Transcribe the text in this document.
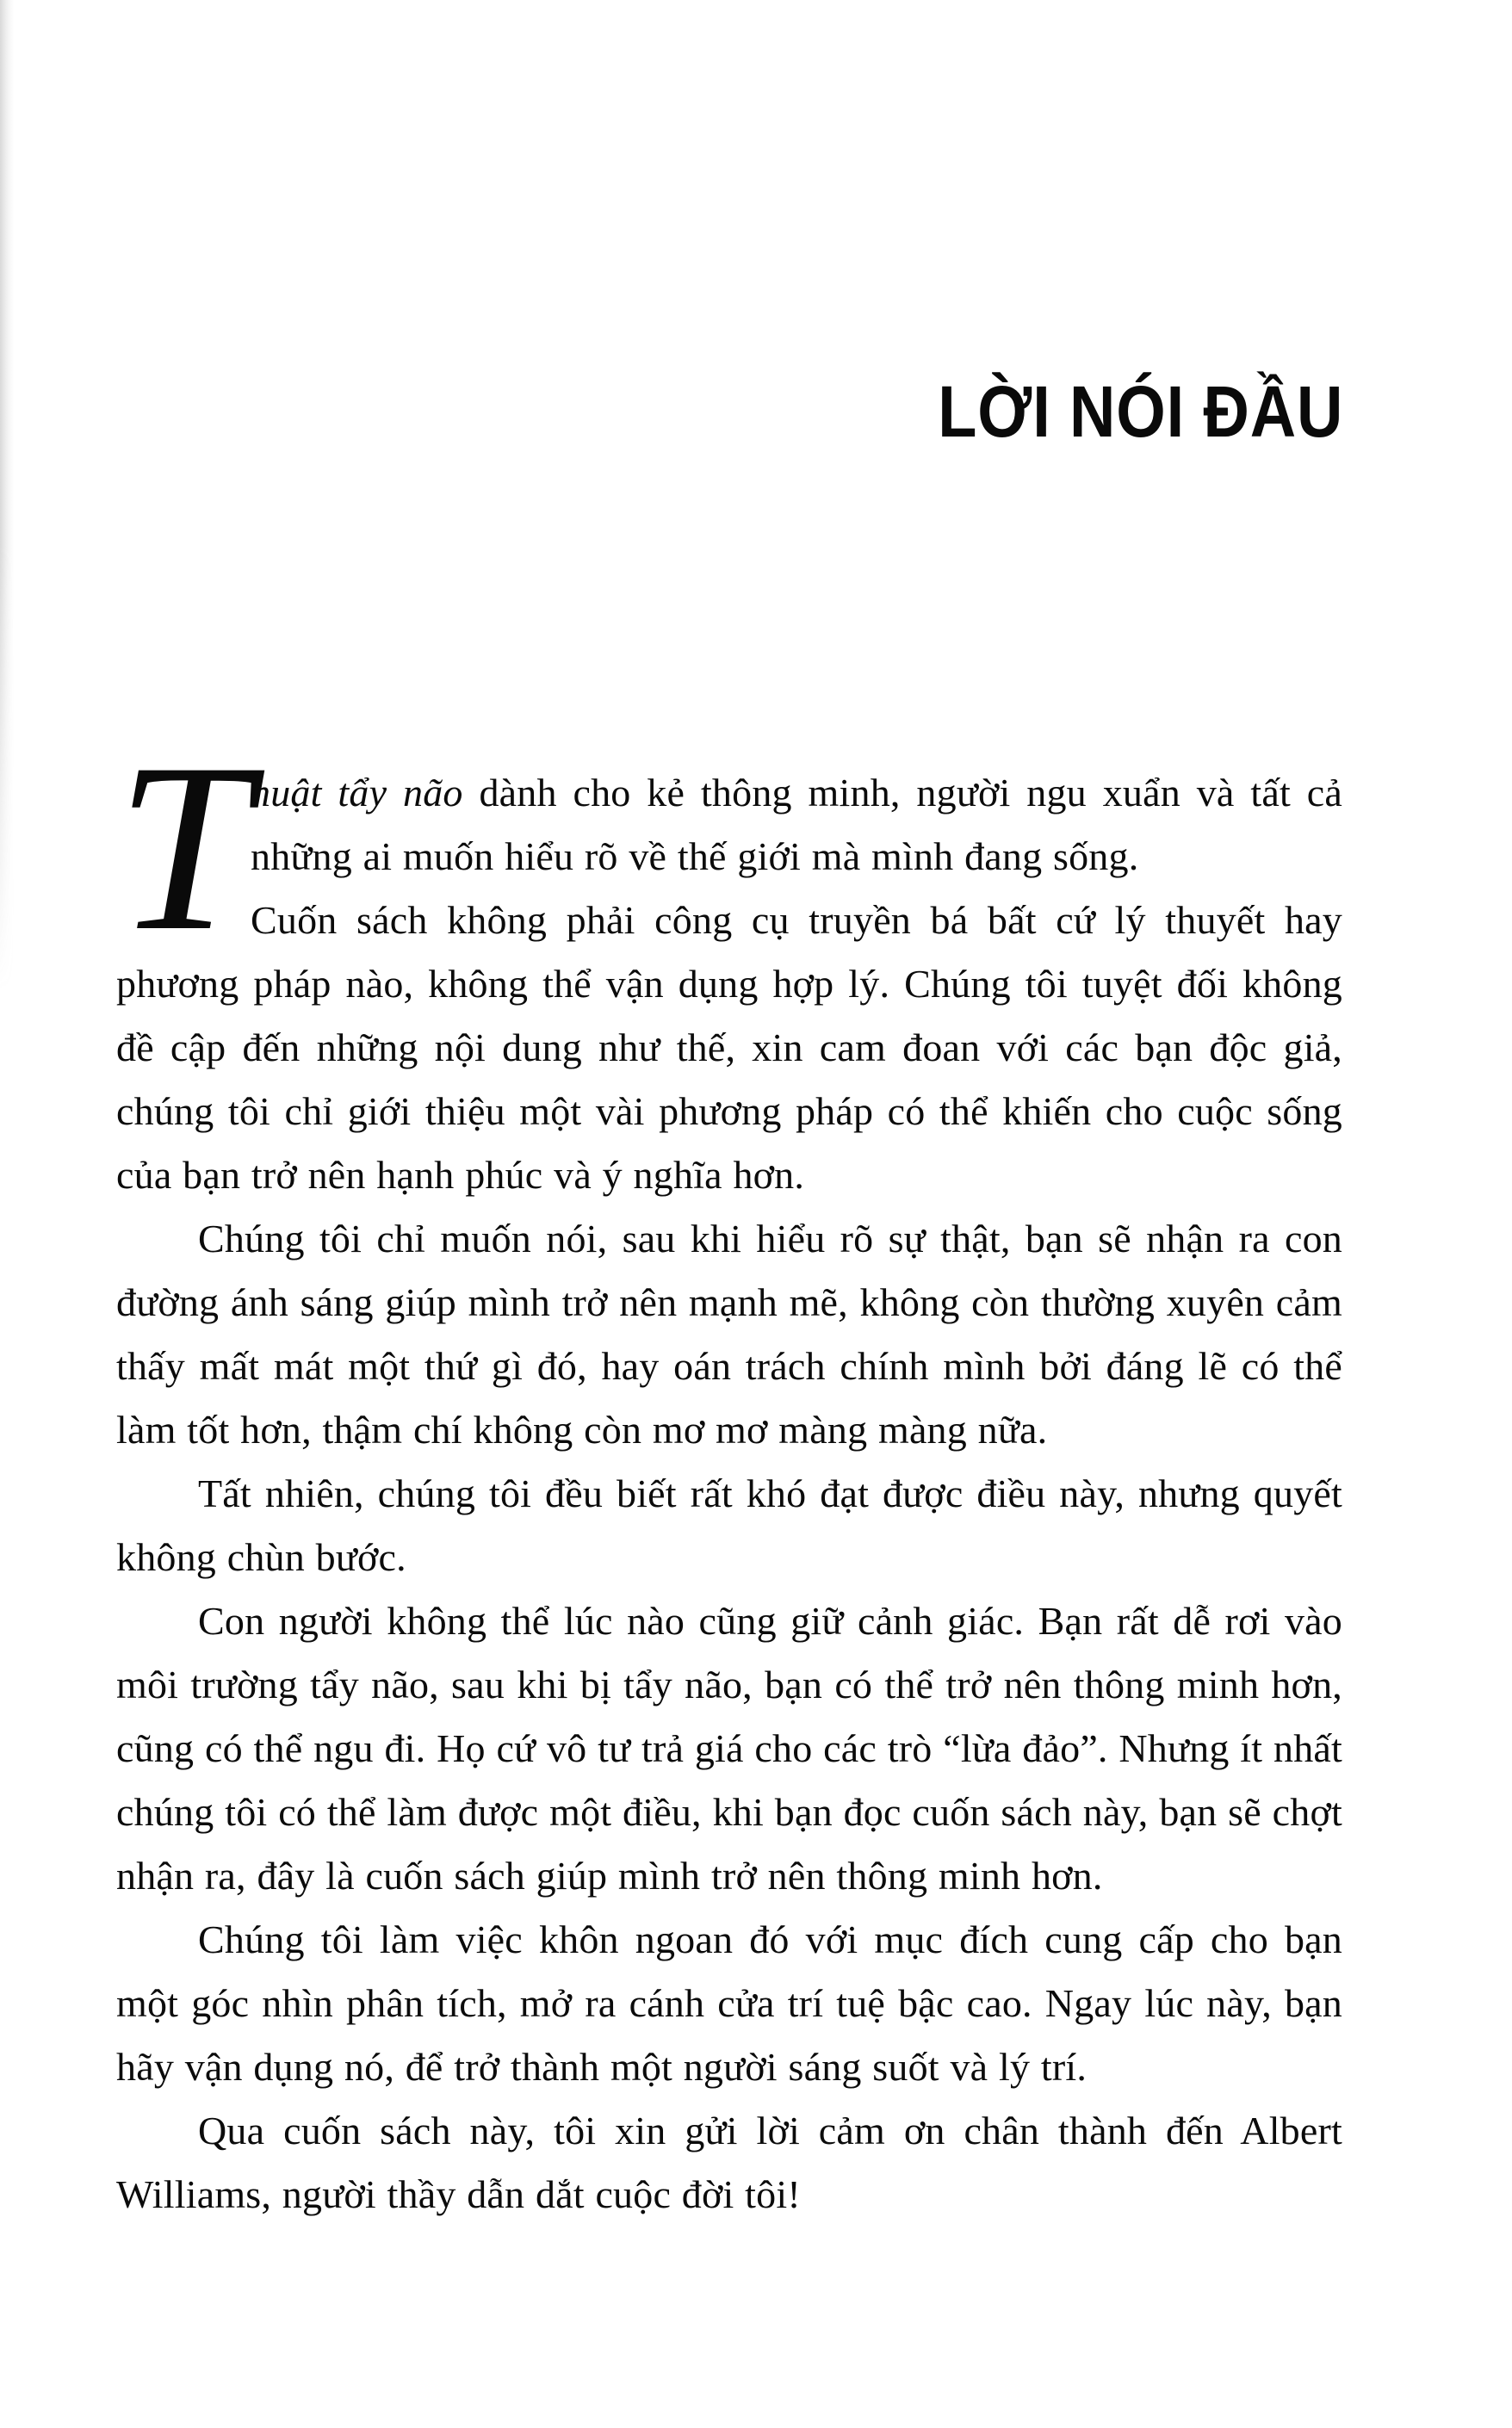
LỜI NÓI ĐẦU

Thuật tẩy não dành cho kẻ thông minh, người ngu xuẩn và tất cả những ai muốn hiểu rõ về thế giới mà mình đang sống.

Cuốn sách không phải công cụ truyền bá bất cứ lý thuyết hay phương pháp nào, không thể vận dụng hợp lý. Chúng tôi tuyệt đối không đề cập đến những nội dung như thế, xin cam đoan với các bạn độc giả, chúng tôi chỉ giới thiệu một vài phương pháp có thể khiến cho cuộc sống của bạn trở nên hạnh phúc và ý nghĩa hơn.

Chúng tôi chỉ muốn nói, sau khi hiểu rõ sự thật, bạn sẽ nhận ra con đường ánh sáng giúp mình trở nên mạnh mẽ, không còn thường xuyên cảm thấy mất mát một thứ gì đó, hay oán trách chính mình bởi đáng lẽ có thể làm tốt hơn, thậm chí không còn mơ mơ màng màng nữa.

Tất nhiên, chúng tôi đều biết rất khó đạt được điều này, nhưng quyết không chùn bước.

Con người không thể lúc nào cũng giữ cảnh giác. Bạn rất dễ rơi vào môi trường tẩy não, sau khi bị tẩy não, bạn có thể trở nên thông minh hơn, cũng có thể ngu đi. Họ cứ vô tư trả giá cho các trò “lừa đảo”. Nhưng ít nhất chúng tôi có thể làm được một điều, khi bạn đọc cuốn sách này, bạn sẽ chợt nhận ra, đây là cuốn sách giúp mình trở nên thông minh hơn.

Chúng tôi làm việc khôn ngoan đó với mục đích cung cấp cho bạn một góc nhìn phân tích, mở ra cánh cửa trí tuệ bậc cao. Ngay lúc này, bạn hãy vận dụng nó, để trở thành một người sáng suốt và lý trí.

Qua cuốn sách này, tôi xin gửi lời cảm ơn chân thành đến Albert Williams, người thầy dẫn dắt cuộc đời tôi!
